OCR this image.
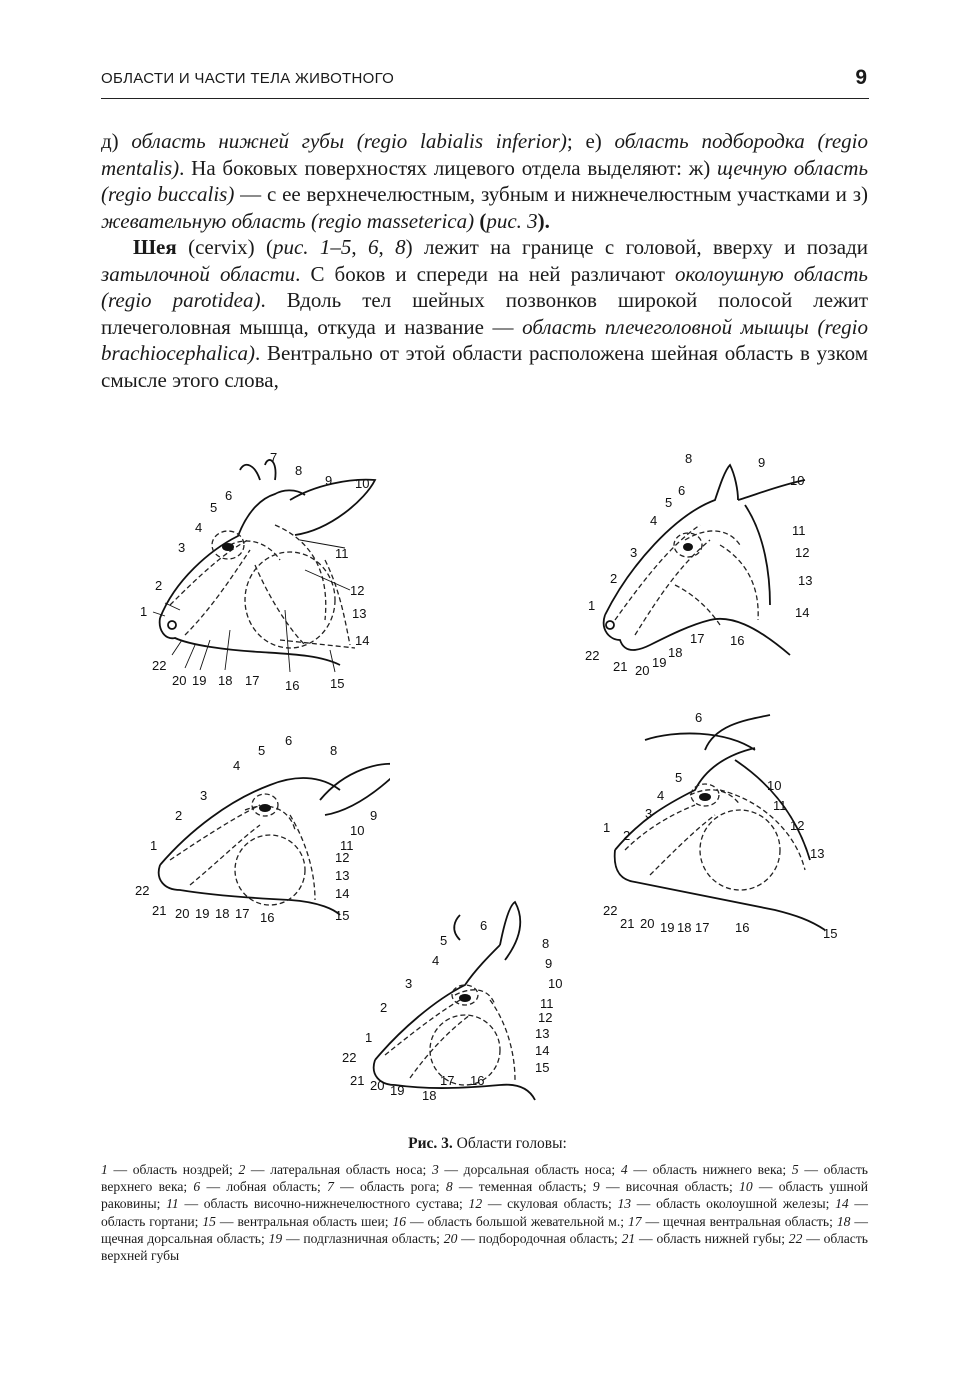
ОБЛАСТИ И ЧАСТИ ТЕЛА ЖИВОТНОГО	9

д) область нижней губы (regio labialis inferior); е) область подбородка (regio mentalis). На боковых поверхностях лицевого отдела выделяют: ж) щечную область (regio buccalis) — с ее верхнечелюстным, зубным и нижнечелюстным участками и з) жевательную область (regio masseterica) (рис. 3).

Шея (cervix) (рис. 1–5, 6, 8) лежит на границе с головой, вверху и позади затылочной области. С боков и спереди на ней различают околоушную область (regio parotidea). Вдоль тел шейных позвонков широкой полосой лежит плечеголовная мышца, откуда и название — область плечеголовной мышцы (regio brachiocephalica). Вентрально от этой области расположена шейная область в узком смысле этого слова,

7
8
9 10
6
5
4
3
2
1
11
12
13
14
15
16
17
18
19
20
22
8	9
10
6
5
4
3
2
1
11
12
13
14
16
17
18
19
20
21
22
6
8
5
4
3
2
1
9
10
11
12
13
14
15
16
17
18
19
20
21
22
6
10
11
12
13
15
16
17
18
19
20
21
22
5
4
3
2
1
6
8
9
10
11
12
13
14
15
16
17
18
19
20
21
22
5
4
3
2
1
Рис. 3. Области головы:
1 — область ноздрей; 2 — латеральная область носа; 3 — дорсальная область носа; 4 — область нижнего века; 5 — область верхнего века; 6 — лобная область; 7 — область рога; 8 — теменная область; 9 — височная область; 10 — область ушной раковины; 11 — область височно-нижнечелюстного сустава; 12 — скуловая область; 13 — область околоушной железы; 14 — область гортани; 15 — вентральная область шеи; 16 — область большой жевательной м.; 17 — щечная вентральная область; 18 — щечная дорсальная область; 19 — подглазничная область; 20 — подбородочная область; 21 — область нижней губы; 22 — область верхней губы
